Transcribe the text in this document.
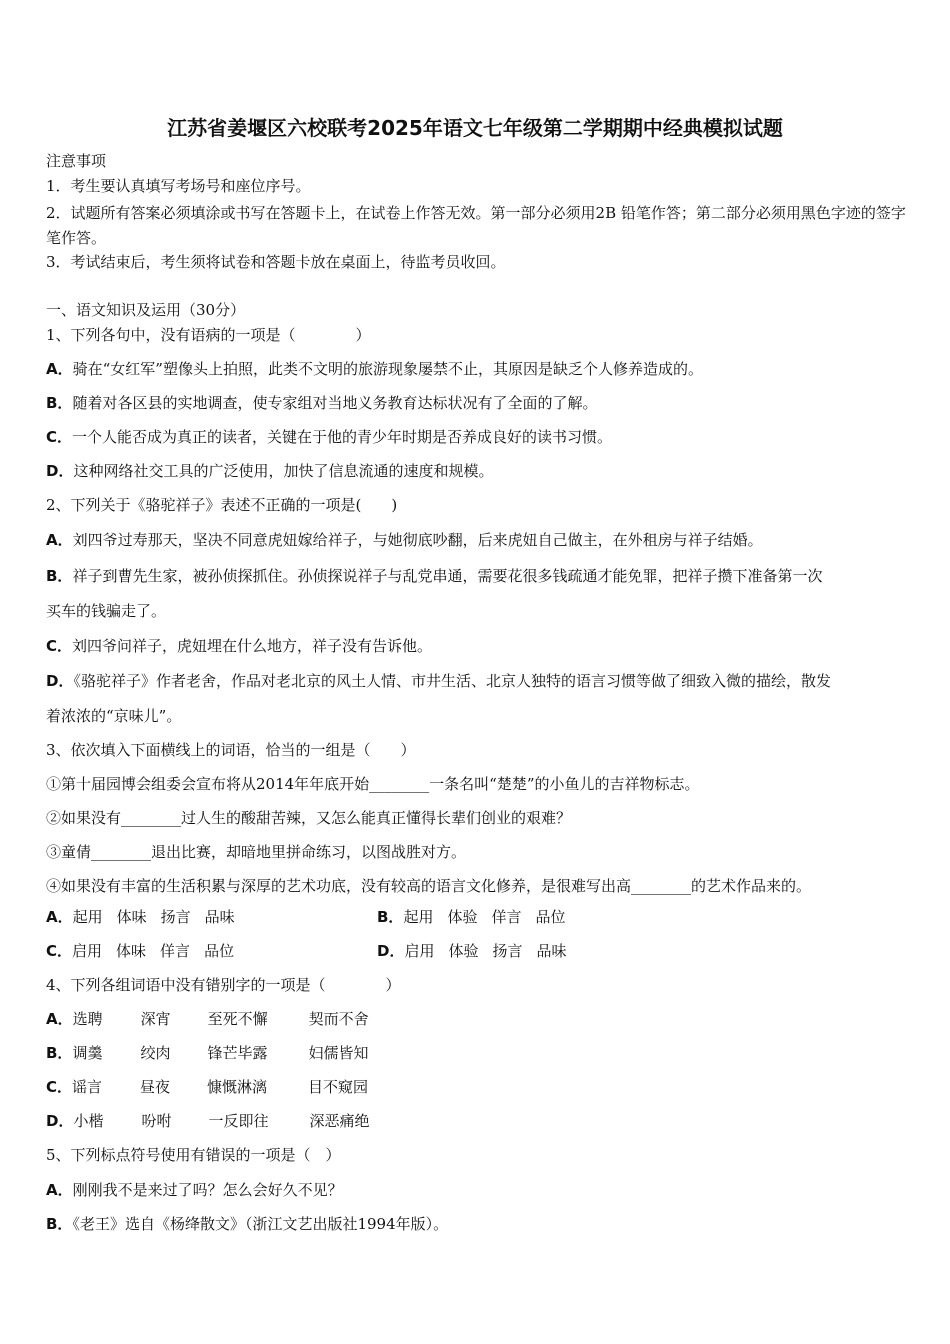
江苏省姜堰区六校联考2025年语文七年级第二学期期中经典模拟试题
注意事项
1．考生要认真填写考场号和座位序号。
2．试题所有答案必须填涂或书写在答题卡上，在试卷上作答无效。第一部分必须用2B 铅笔作答；第二部分必须用黑色字迹的签字笔作答。
3．考试结束后，考生须将试卷和答题卡放在桌面上，待监考员收回。
一、语文知识及运用（30分）
1、下列各句中，没有语病的一项是（　　　　）
A．骑在“女红军”塑像头上拍照，此类不文明的旅游现象屡禁不止，其原因是缺乏个人修养造成的。
B．随着对各区县的实地调查，使专家组对当地义务教育达标状况有了全面的了解。
C．一个人能否成为真正的读者，关键在于他的青少年时期是否养成良好的读书习惯。
D．这种网络社交工具的广泛使用，加快了信息流通的速度和规模。
2、下列关于《骆驼祥子》表述不正确的一项是(　　)
A．刘四爷过寿那天，坚决不同意虎妞嫁给祥子，与她彻底吵翻，后来虎妞自己做主，在外租房与祥子结婚。
B．祥子到曹先生家，被孙侦探抓住。孙侦探说祥子与乱党串通，需要花很多钱疏通才能免罪，把祥子攒下准备第一次
买车的钱骗走了。
C．刘四爷问祥子，虎妞埋在什么地方，祥子没有告诉他。
D．《骆驼祥子》作者老舍，作品对老北京的风土人情、市井生活、北京人独特的语言习惯等做了细致入微的描绘，散发
着浓浓的“京味儿”。
3、依次填入下面横线上的词语，恰当的一组是（　　）
①第十届园博会组委会宣布将从2014年年底开始________一条名叫“楚楚”的小鱼儿的吉祥物标志。
②如果没有________过人生的酸甜苦辣，又怎么能真正懂得长辈们创业的艰难？
③童倩________退出比赛，却暗地里拼命练习，以图战胜对方。
④如果没有丰富的生活积累与深厚的艺术功底，没有较高的语言文化修养，是很难写出高________的艺术作品来的。
A．起用 体味 扬言 品味	B．起用 体验 佯言 品位
C．启用 体味 佯言 品位	D．启用 体验 扬言 品味
4、下列各组词语中没有错别字的一项是（　　　　）
A．选聘	深宵 至死不懈	契而不舍
B．调羹	绞肉 锋芒毕露	妇儒皆知
C．谣言	昼夜 慷慨淋漓	目不窥园
D．小楷	吩咐 一反即往	深恶痛绝
5、下列标点符号使用有错误的一项是（　）
A．刚刚我不是来过了吗？怎么会好久不见？
B．《老王》选自《杨绛散文》（浙江文艺出版社1994年版）。
